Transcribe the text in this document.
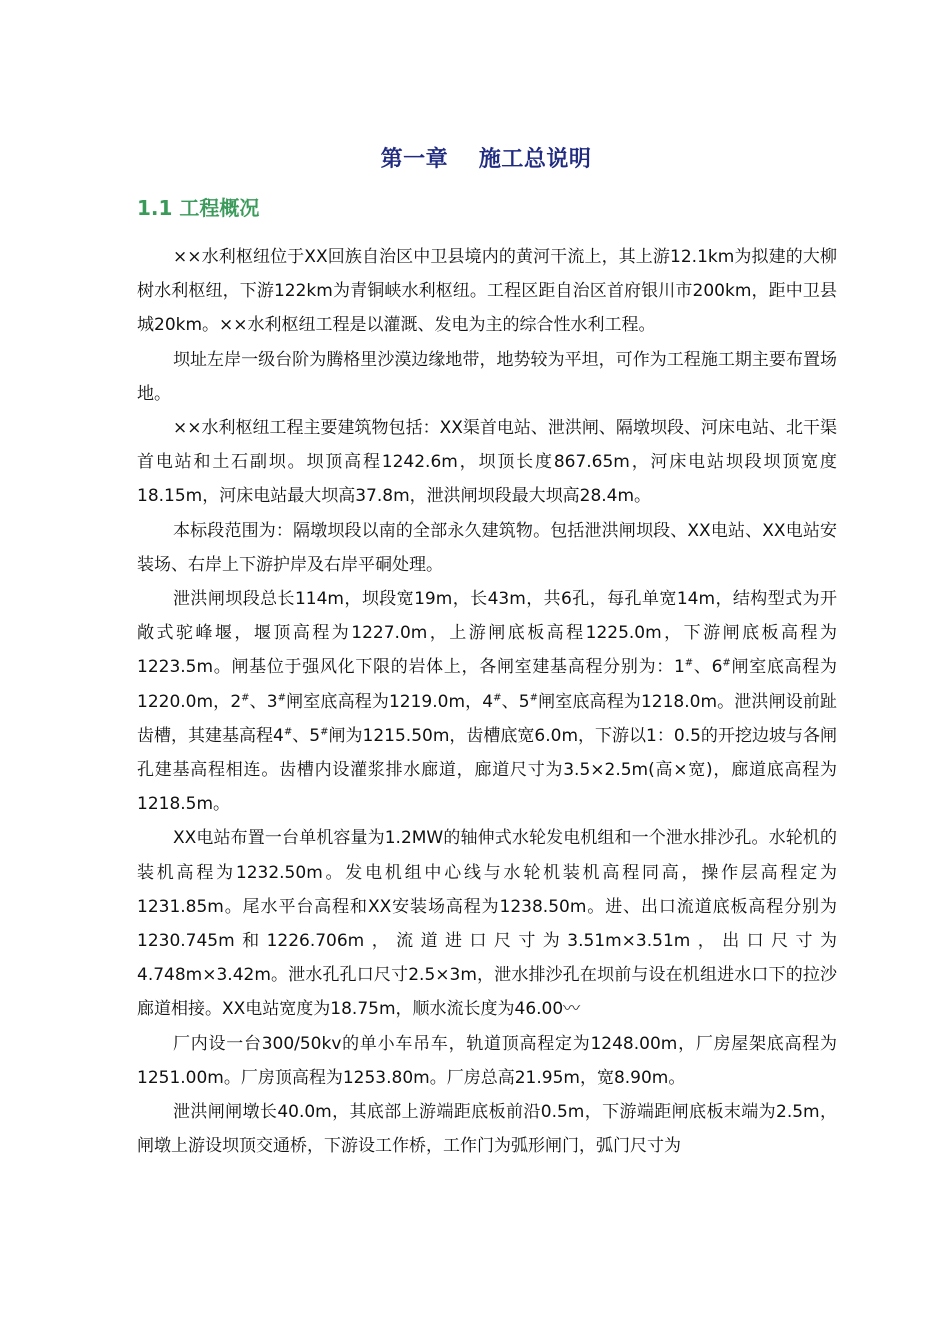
第一章　 施工总说明
1.1 工程概况

××水利枢纽位于XX回族自治区中卫县境内的黄河干流上，其上游12.1km为拟建的大柳树水利枢纽，下游122km为青铜峡水利枢纽。工程区距自治区首府银川市200km，距中卫县城20km。××水利枢纽工程是以灌溉、发电为主的综合性水利工程。

坝址左岸一级台阶为腾格里沙漠边缘地带，地势较为平坦，可作为工程施工期主要布置场地。

××水利枢纽工程主要建筑物包括：XX渠首电站、泄洪闸、隔墩坝段、河床电站、北干渠首电站和土石副坝。坝顶高程1242.6m，坝顶长度867.65m，河床电站坝段坝顶宽度18.15m，河床电站最大坝高37.8m，泄洪闸坝段最大坝高28.4m。

本标段范围为：隔墩坝段以南的全部永久建筑物。包括泄洪闸坝段、XX电站、XX电站安装场、右岸上下游护岸及右岸平硐处理。

泄洪闸坝段总长114m，坝段宽19m，长43m，共6孔，每孔单宽14m，结构型式为开敞式驼峰堰，堰顶高程为1227.0m，上游闸底板高程1225.0m，下游闸底板高程为1223.5m。闸基位于强风化下限的岩体上，各闸室建基高程分别为：1#、6#闸室底高程为1220.0m，2#、3#闸室底高程为1219.0m，4#、5#闸室底高程为1218.0m。泄洪闸设前趾齿槽，其建基高程4#、5#闸为1215.50m，齿槽底宽6.0m，下游以1：0.5的开挖边坡与各闸孔建基高程相连。齿槽内设灌浆排水廊道，廊道尺寸为3.5×2.5m(高×宽)，廊道底高程为1218.5m。

XX电站布置一台单机容量为1.2MW的轴伸式水轮发电机组和一个泄水排沙孔。水轮机的装机高程为1232.50m。发电机组中心线与水轮机装机高程同高，操作层高程定为1231.85m。尾水平台高程和XX安装场高程为1238.50m。进、出口流道底板高程分别为1230.745m和1226.706m，流道进口尺寸为3.51m×3.51m，出口尺寸为4.748m×3.42m。泄水孔孔口尺寸2.5×3m，泄水排沙孔在坝前与设在机组进水口下的拉沙廊道相接。XX电站宽度为18.75m，顺水流长度为46.00〰

厂内设一台300/50kv的单小车吊车，轨道顶高程定为1248.00m，厂房屋架底高程为1251.00m。厂房顶高程为1253.80m。厂房总高21.95m，宽8.90m。

泄洪闸闸墩长40.0m，其底部上游端距底板前沿0.5m，下游端距闸底板末端为2.5m，闸墩上游设坝顶交通桥，下游设工作桥，工作门为弧形闸门，弧门尺寸为
